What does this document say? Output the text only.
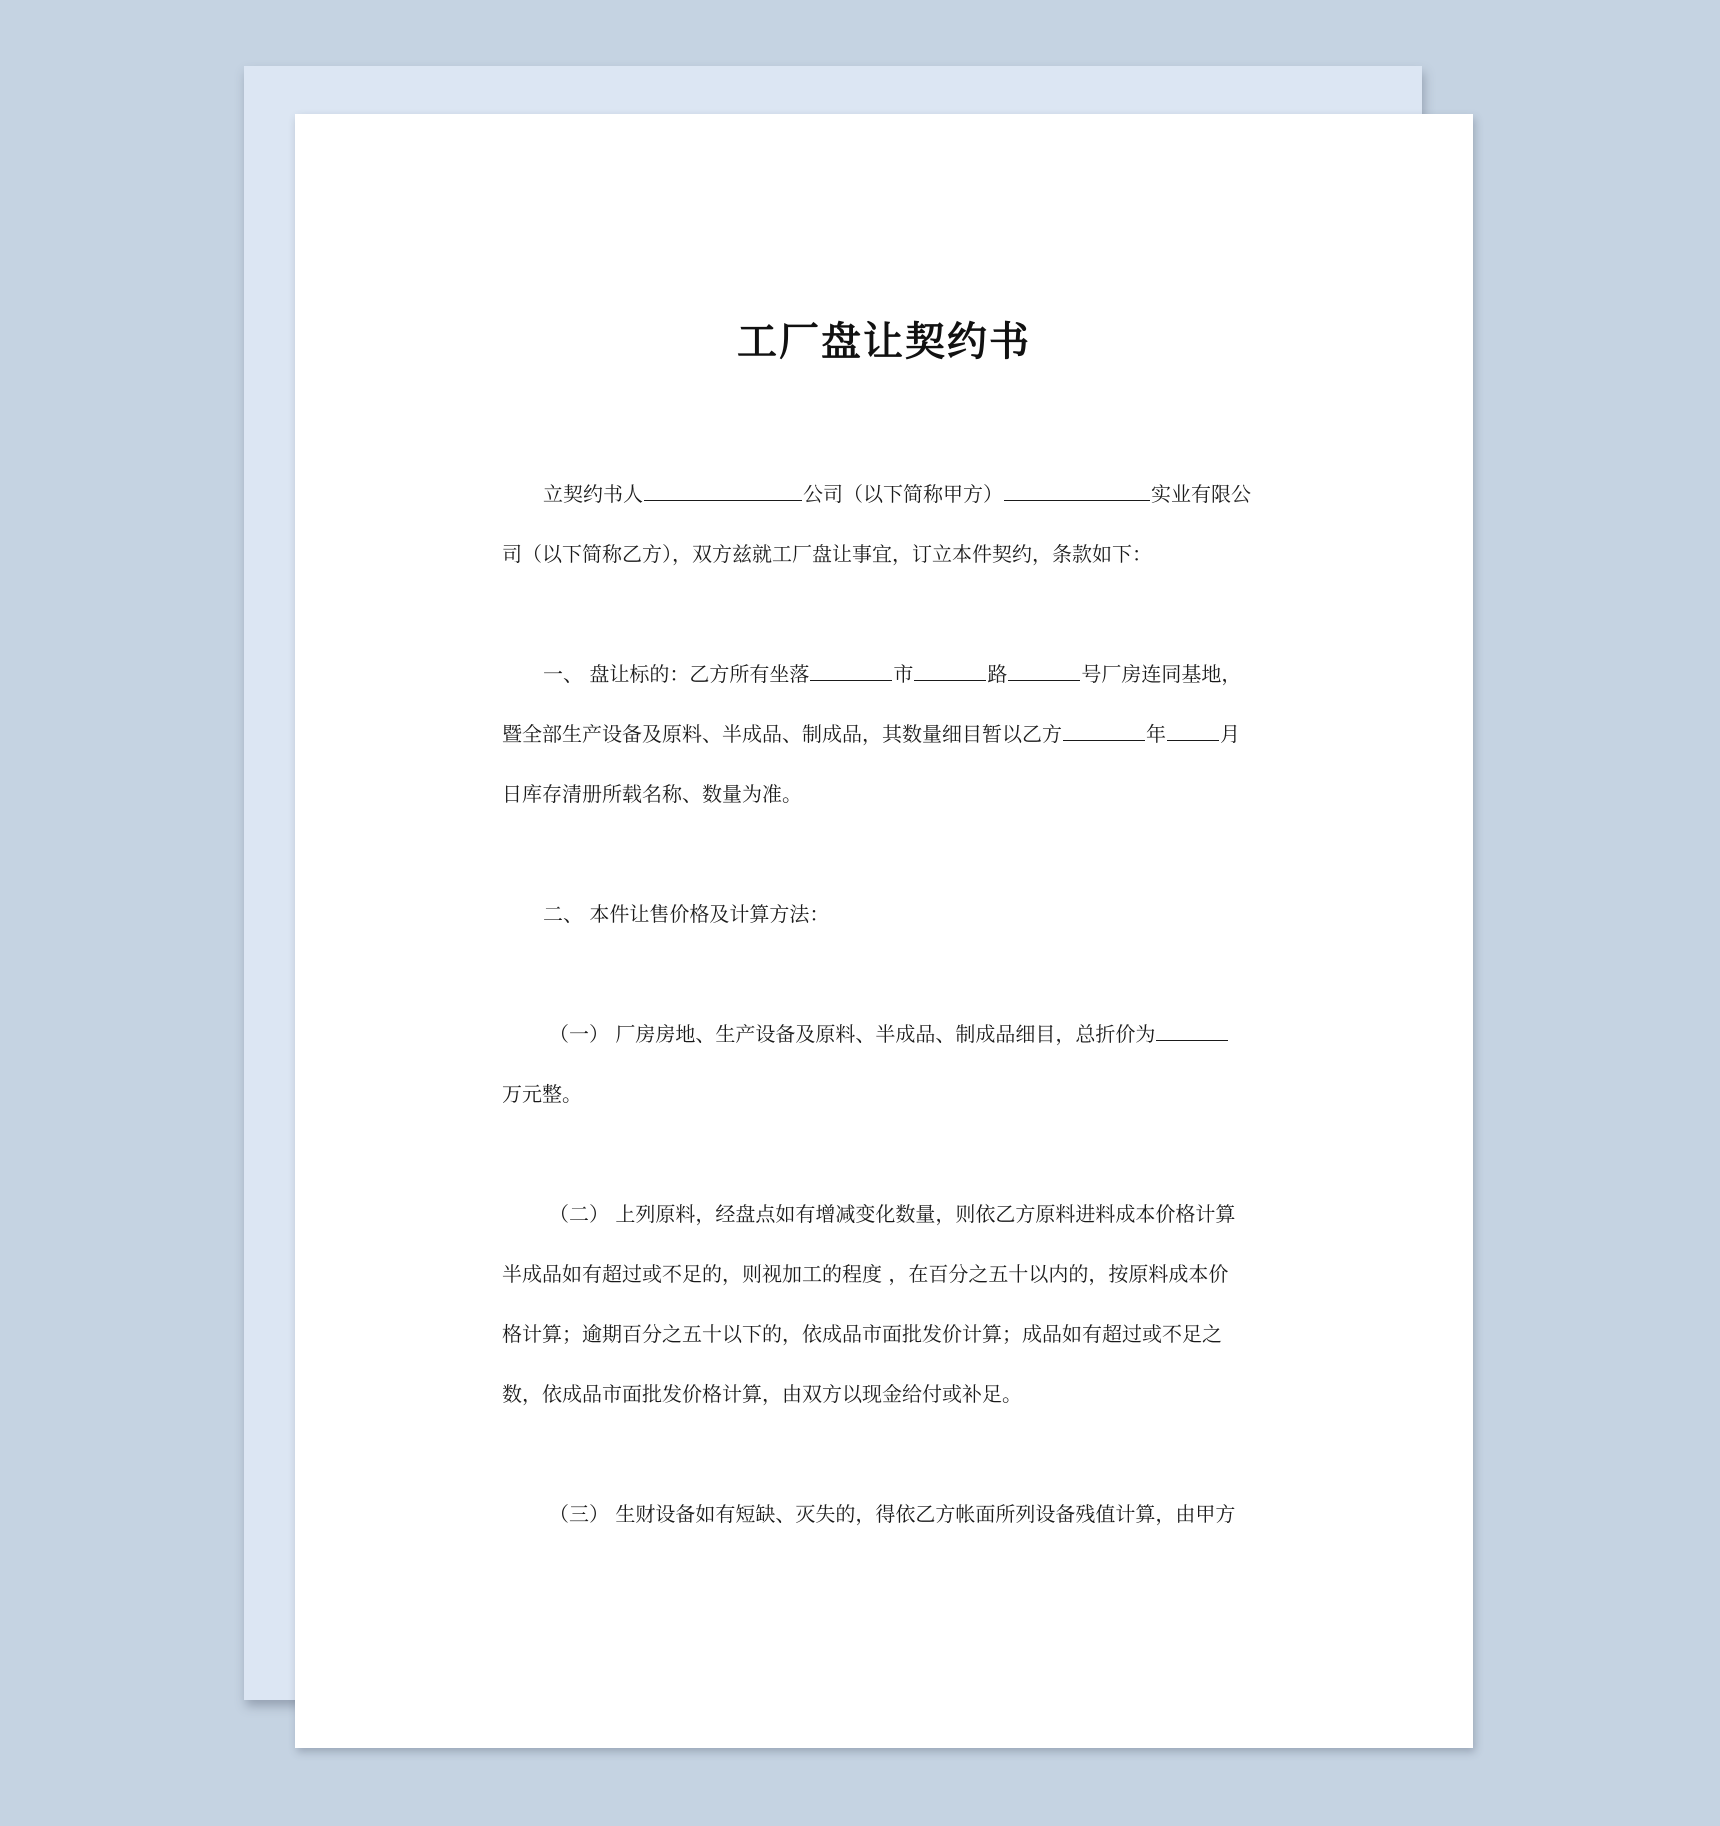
工厂盘让契约书
立契约书人	公司（以下简称甲方）	实业有限公
司（以下简称乙方），双方兹就工厂盘让事宜，订立本件契约，条款如下：
一、 盘让标的：乙方所有坐落	市	路	号厂房连同基地，
暨全部生产设备及原料、半成品、制成品，其数量细目暂以乙方	年	月
日库存清册所载名称、数量为准。
二、 本件让售价格及计算方法：
（一） 厂房房地、生产设备及原料、半成品、制成品细目，总折价为
万元整。
（二） 上列原料，经盘点如有增减变化数量，则依乙方原料进料成本价格计算
半成品如有超过或不足的，则视加工的程度 ，在百分之五十以内的，按原料成本价
格计算；逾期百分之五十以下的，依成品市面批发价计算；成品如有超过或不足之
数，依成品市面批发价格计算，由双方以现金给付或补足。
（三） 生财设备如有短缺、灭失的，得依乙方帐面所列设备残值计算，由甲方
